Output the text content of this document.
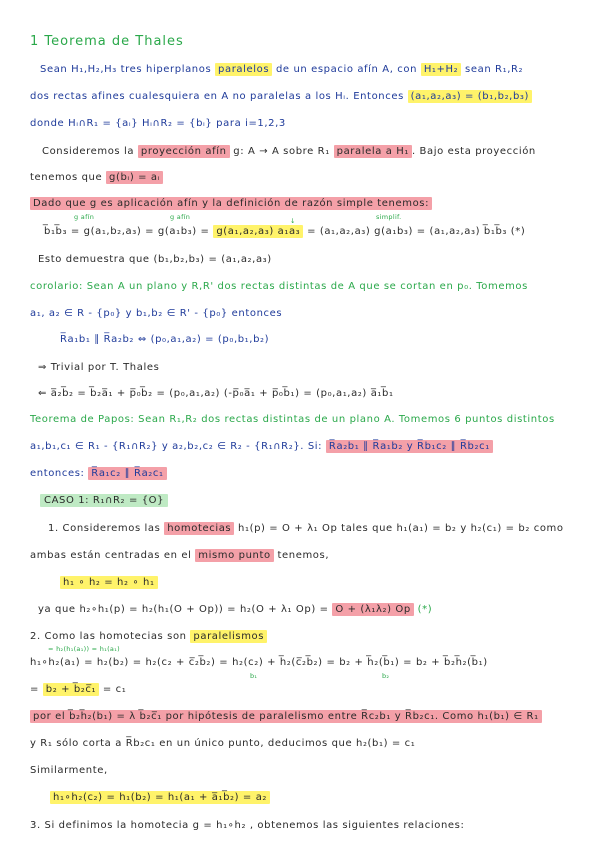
1 Teorema de Thales
Sean H₁,H₂,H₃ tres hiperplanos paralelos de un espacio afín A, con H₁+H₂ sean R₁,R₂
dos rectas afines cualesquiera en A no paralelas a los Hᵢ. Entonces (a₁,a₂,a₃) = (b₁,b₂,b₃)
donde Hᵢ∩R₁ = {aᵢ} Hᵢ∩R₂ = {bᵢ} para i=1,2,3
Consideremos la proyección afín g: A → A sobre R₁ paralela a H₁ . Bajo esta proyección
tenemos que g(bᵢ) = aᵢ
Dado que g es aplicación afín y la definición de razón simple tenemos:
g afín	g afín	↓	simplif.
b̅₁b̅₃ = g(a₁,b₂,a₃) = g(a₁b₃) = g(a₁,a₂,a₃) a₁a₃ = (a₁,a₂,a₃) g(a₁b₃) = (a₁,a₂,a₃) b̅₁b̅₃ (*)
Esto demuestra que (b₁,b₂,b₃) = (a₁,a₂,a₃)
corolario: Sean A un plano y R,R' dos rectas distintas de A que se cortan en p₀. Tomemos
a₁, a₂ ∈ R - {p₀} y b₁,b₂ ∈ R' - {p₀} entonces
R̅a₁b₁ ∥ R̅a₂b₂ ⇔ (p₀,a₁,a₂) = (p₀,b₁,b₂)
⇒ Trivial por T. Thales
⇐ a̅₂b̅₂ = b̅₂a̅₁ + p̅₀b̅₂ = (p₀,a₁,a₂) (-p̅₀a̅₁ + p̅₀b̅₁) = (p₀,a₁,a₂) a̅₁b̅₁
Teorema de Papos: Sean R₁,R₂ dos rectas distintas de un plano A. Tomemos 6 puntos distintos
a₁,b₁,c₁ ∈ R₁ - {R₁∩R₂} y a₂,b₂,c₂ ∈ R₂ - {R₁∩R₂}. Si: R̅a₂b₁ ∥ R̅a₁b₂ y R̅b₁c₂ ∥ R̅b₂c₁
entonces: R̅a₁c₂ ∥ R̅a₂c₁
CASO 1: R₁∩R₂ = {O}
1. Consideremos las homotecias h₁(p) = O + λ₁ Op tales que h₁(a₁) = b₂ y h₂(c₁) = b₂ como
ambas están centradas en el mismo punto tenemos,
h₁ ∘ h₂ = h₂ ∘ h₁
ya que h₂∘h₁(p) = h₂(h₁(O + Op)) = h₂(O + λ₁ Op) = O + (λ₁λ₂) Op (*)
2. Como las homotecias son paralelismos
= h₂(h₁(a₁)) = h₁(a₁)
h₁∘h₂(a₁) = h₂(b₂) = h₂(c₂ + c̅₂b̅₂) = h₂(c₂) + h̅₂(c̅₂b̅₂) = b₂ + h̅₂(b̅₁) = b₂ + b̅₂h̅₂(b̅₁)
b₁	b₂
= b₂ + b̅₂c̅₁ = c₁
por el b̅₂h̅₂(b₁) = λ b̅₂c̅₁ por hipótesis de paralelismo entre R̅c₂b₁ y R̅b₂c₁. Como h₁(b₁) ∈ R₁
y R₁ sólo corta a R̅b₂c₁ en un único punto, deducimos que h₂(b₁) = c₁
Similarmente,
h₁∘h₂(c₂) = h₁(b₂) = h₁(a₁ + a̅₁b̅₂) = a₂
3. Si definimos la homotecia g = h₁∘h₂ , obtenemos las siguientes relaciones:
